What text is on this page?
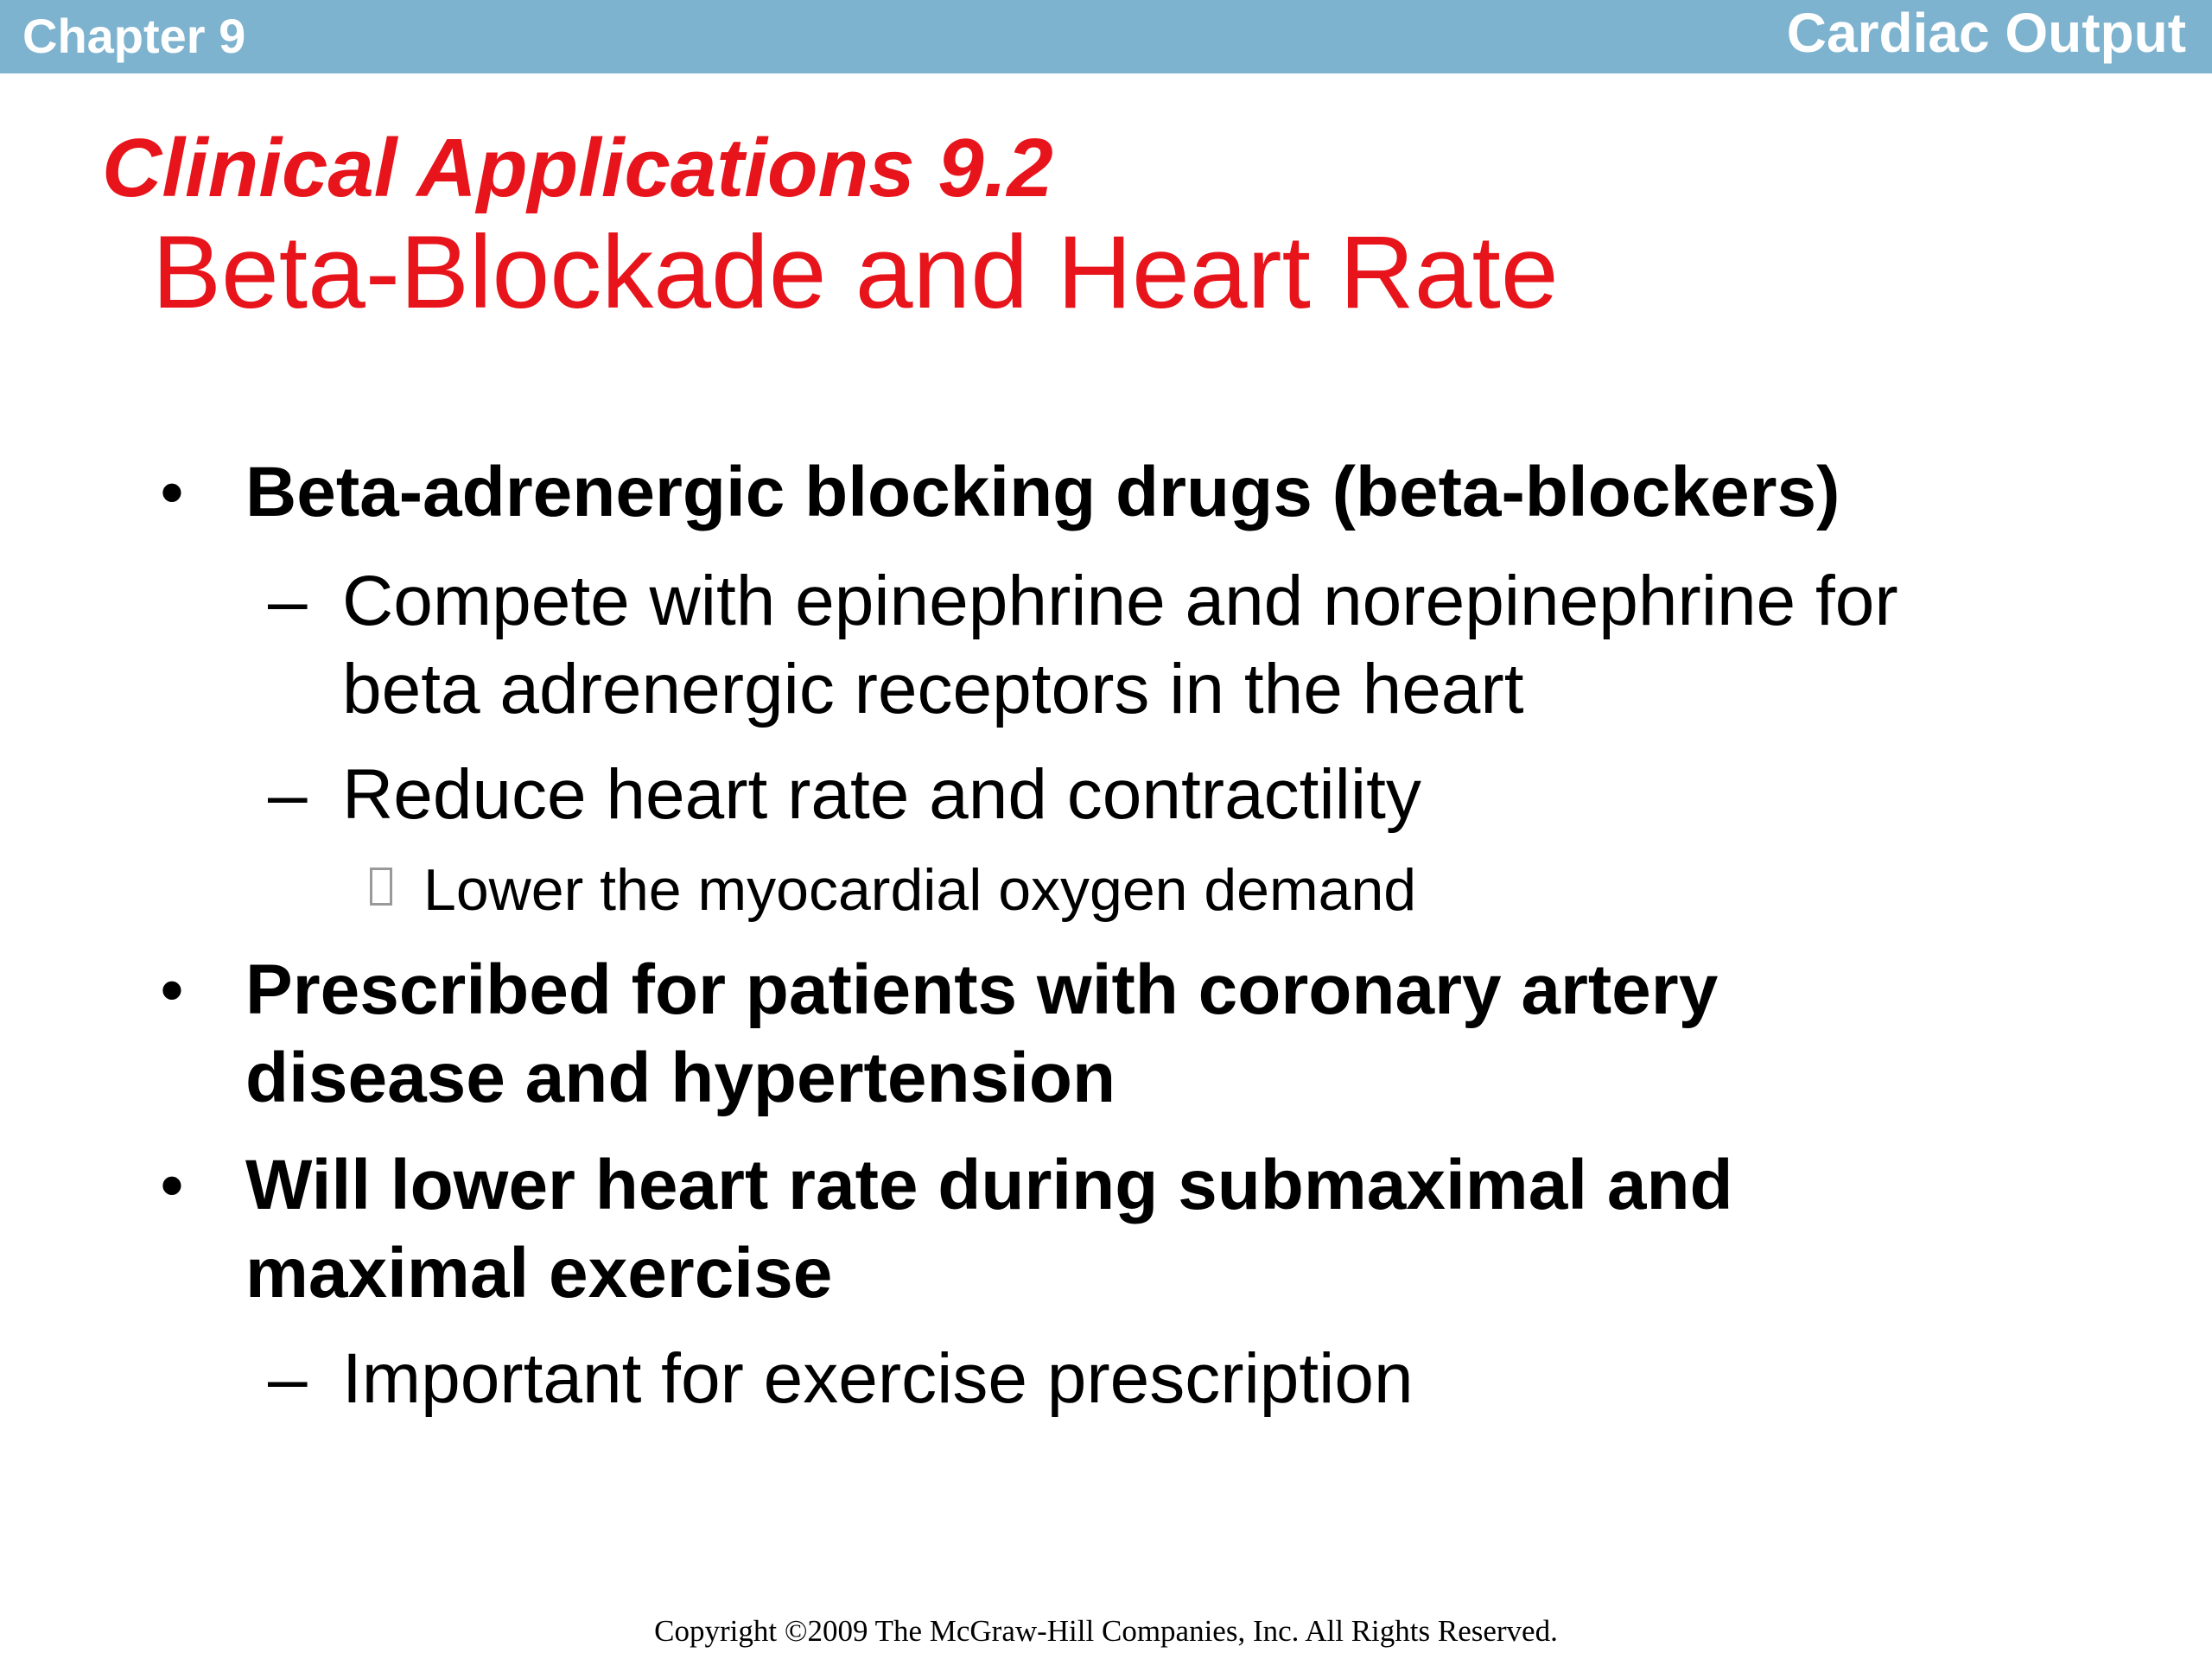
Chapter 9	Cardiac Output
Clinical Applications 9.2
Beta-Blockade and Heart Rate
• Beta-adrenergic blocking drugs (beta-blockers)
– Compete with epinephrine and norepinephrine for
beta adrenergic receptors in the heart
– Reduce heart rate and contractility
Lower the myocardial oxygen demand
• Prescribed for patients with coronary artery
disease and hypertension
• Will lower heart rate during submaximal and
maximal exercise
– Important for exercise prescription
Copyright ©2009 The McGraw-Hill Companies, Inc. All Rights Reserved.
